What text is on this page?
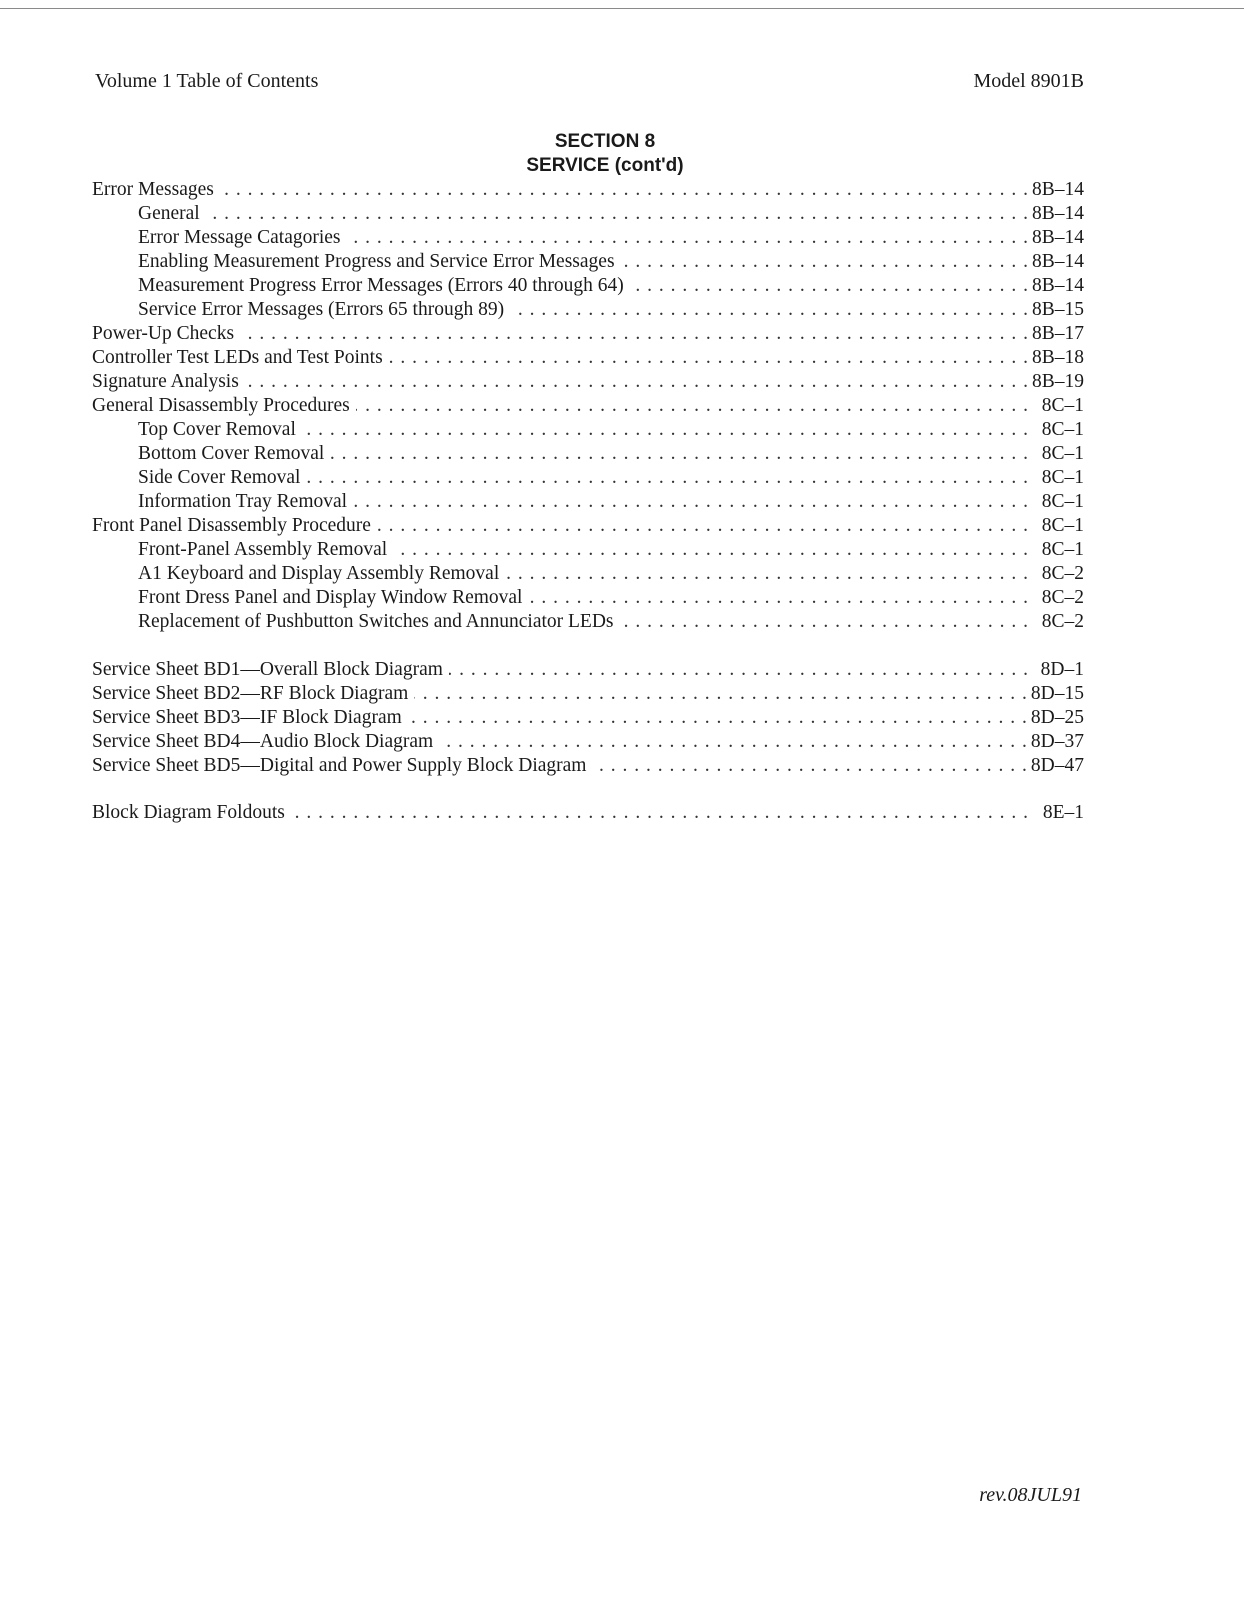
Volume 1 Table of Contents	Model 8901B
SECTION 8
SERVICE (cont'd)
Error Messages . . .	8B–14
General . . .	8B–14
Error Message Catagories . . .	8B–14
Enabling Measurement Progress and Service Error Messages . . .	8B–14
Measurement Progress Error Messages (Errors 40 through 64) . . .	8B–14
Service Error Messages (Errors 65 through 89) . . .	8B–15
Power-Up Checks . . .	8B–17
Controller Test LEDs and Test Points . . .	8B–18
Signature Analysis . . .	8B–19
General Disassembly Procedures . . .	8C–1
Top Cover Removal . . .	8C–1
Bottom Cover Removal . . .	8C–1
Side Cover Removal . . .	8C–1
Information Tray Removal . . .	8C–1
Front Panel Disassembly Procedure . . .	8C–1
Front-Panel Assembly Removal . . .	8C–1
A1 Keyboard and Display Assembly Removal . . .	8C–2
Front Dress Panel and Display Window Removal . . .	8C–2
Replacement of Pushbutton Switches and Annunciator LEDs . . .	8C–2
Service Sheet BD1—Overall Block Diagram . . .	8D–1
Service Sheet BD2—RF Block Diagram . . .	8D–15
Service Sheet BD3—IF Block Diagram . . .	8D–25
Service Sheet BD4—Audio Block Diagram . . .	8D–37
Service Sheet BD5—Digital and Power Supply Block Diagram . . .	8D–47
Block Diagram Foldouts . . .	8E–1
rev.08JUL91
